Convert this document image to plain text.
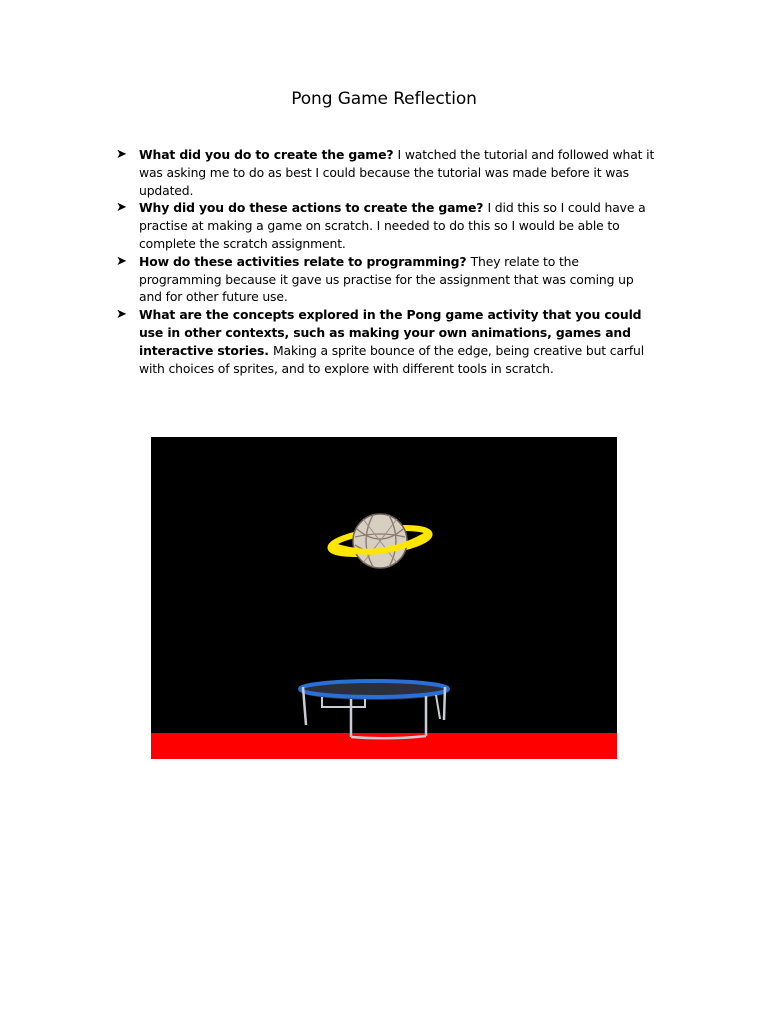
Pong Game Reflection
➤ What did you do to create the game? I watched the tutorial and followed what it was asking me to do as best I could because the tutorial was made before it was updated.
➤ Why did you do these actions to create the game? I did this so I could have a practise at making a game on scratch. I needed to do this so I would be able to complete the scratch assignment.
➤ How do these activities relate to programming? They relate to the programming because it gave us practise for the assignment that was coming up and for other future use.
➤ What are the concepts explored in the Pong game activity that you could use in other contexts, such as making your own animations, games and interactive stories. Making a sprite bounce of the edge, being creative but carful with choices of sprites, and to explore with different tools in scratch.
